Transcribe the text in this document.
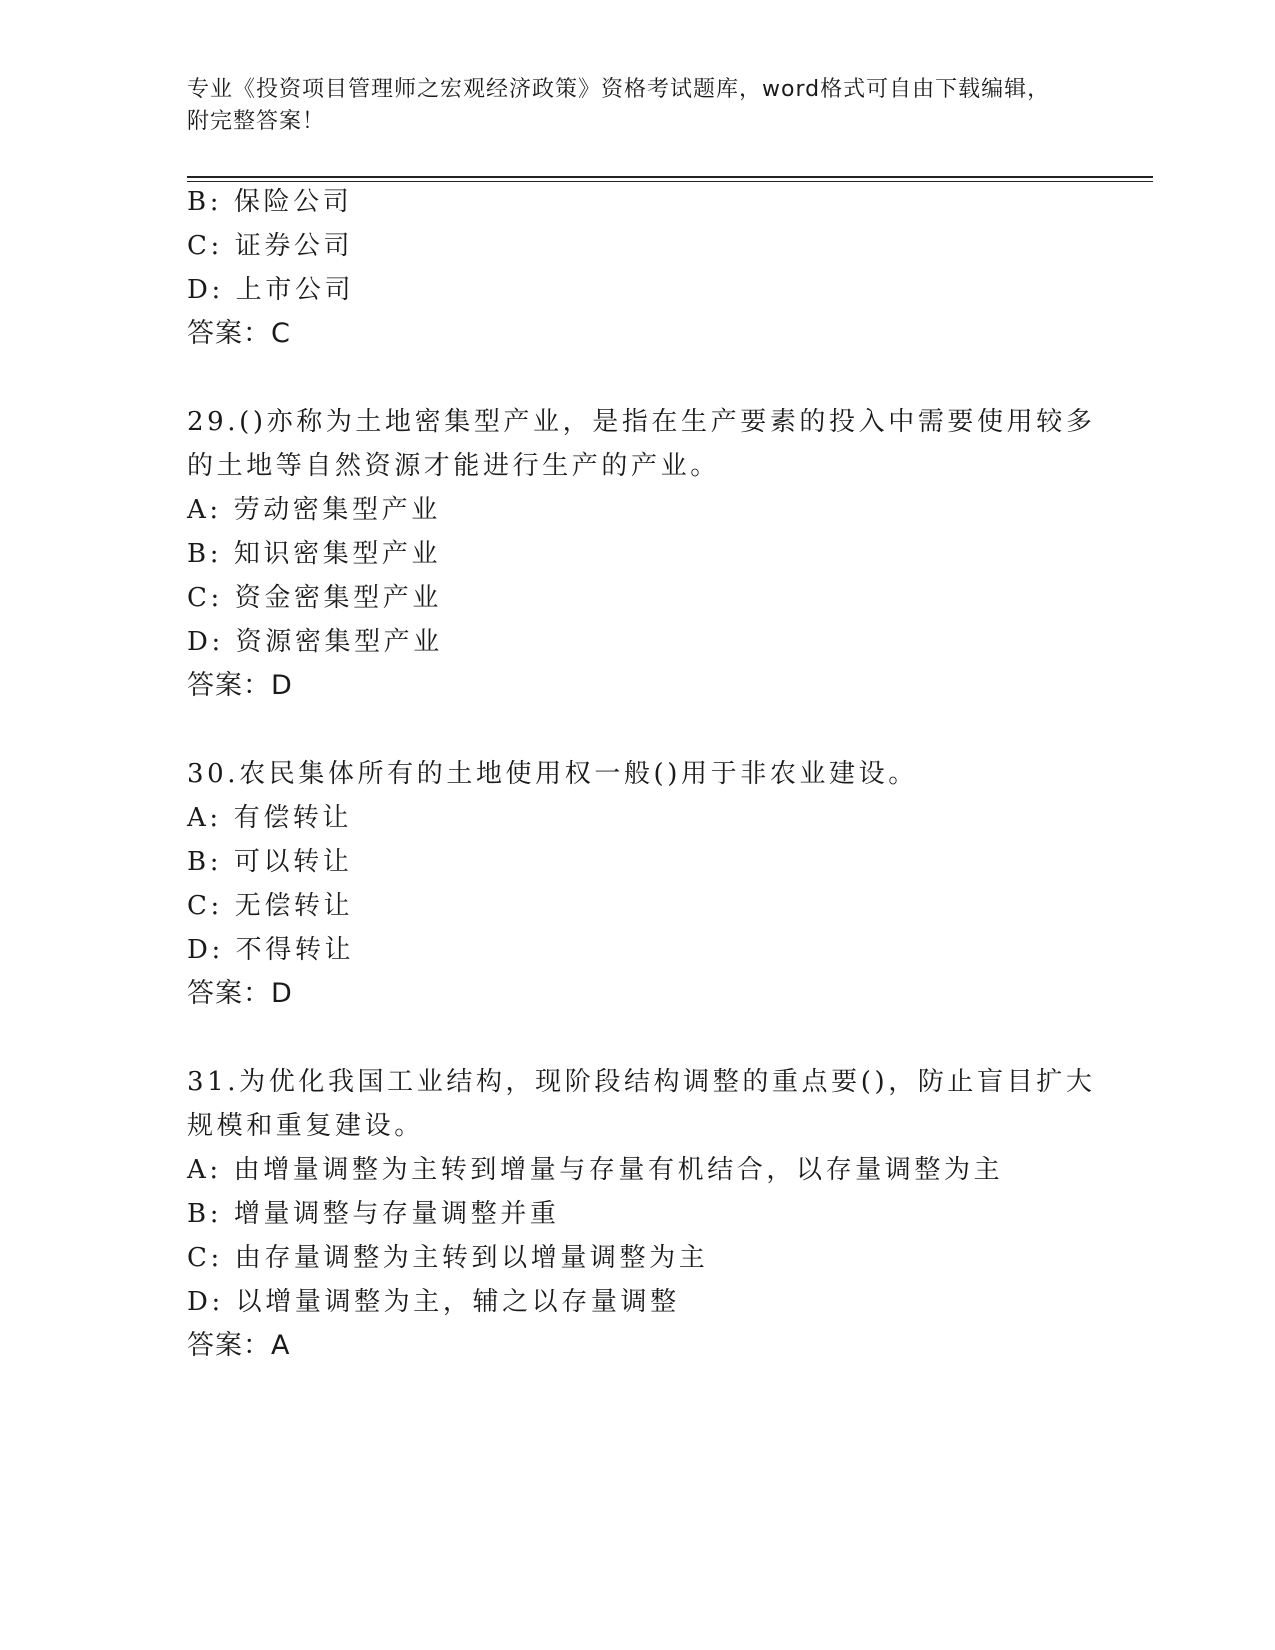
专业《投资项目管理师之宏观经济政策》资格考试题库，word格式可自由下载编辑，附完整答案！
B: 保险公司
C: 证券公司
D: 上市公司
答案：C
29.()亦称为土地密集型产业，是指在生产要素的投入中需要使用较多
的土地等自然资源才能进行生产的产业。
A: 劳动密集型产业
B: 知识密集型产业
C: 资金密集型产业
D: 资源密集型产业
答案：D
30.农民集体所有的土地使用权一般()用于非农业建设。
A: 有偿转让
B: 可以转让
C: 无偿转让
D: 不得转让
答案：D
31.为优化我国工业结构，现阶段结构调整的重点要()，防止盲目扩大
规模和重复建设。
A: 由增量调整为主转到增量与存量有机结合，以存量调整为主
B: 增量调整与存量调整并重
C: 由存量调整为主转到以增量调整为主
D: 以增量调整为主，辅之以存量调整
答案：A
